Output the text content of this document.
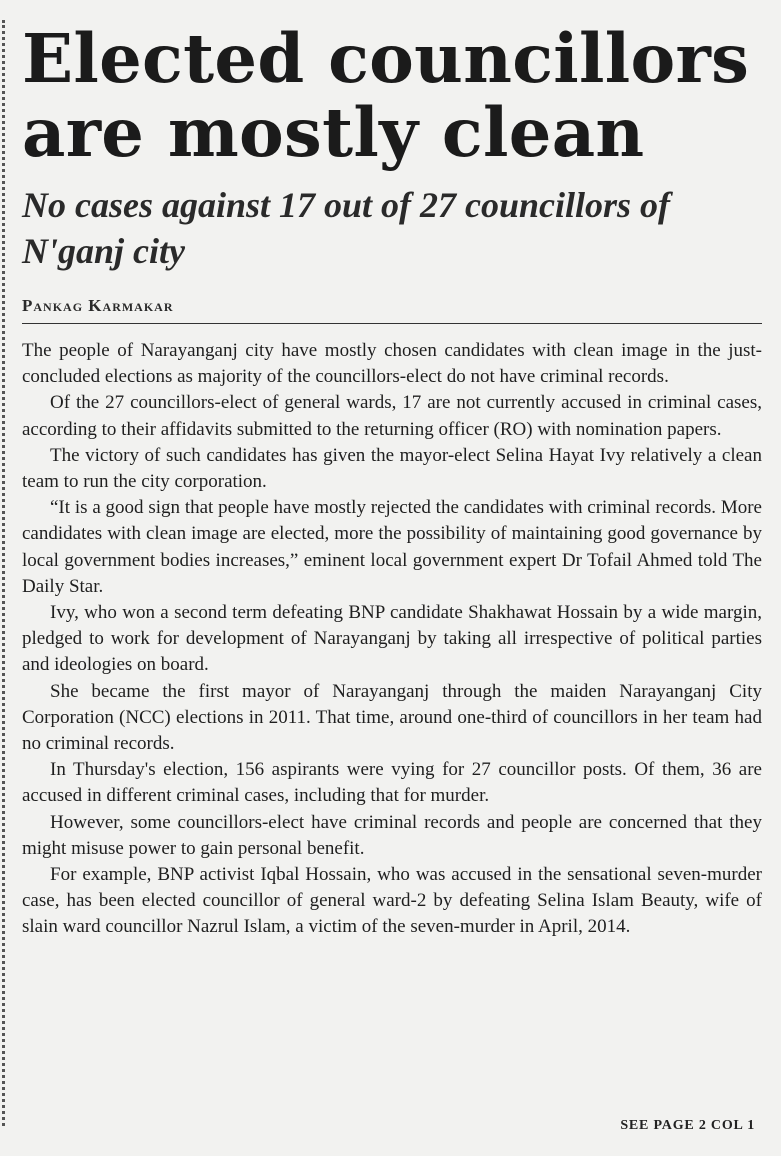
Elected councillors are mostly clean
No cases against 17 out of 27 councillors of N'ganj city
Pankag Karmakar

The people of Narayanganj city have mostly chosen candidates with clean image in the just-concluded elections as majority of the councillors-elect do not have criminal records.

Of the 27 councillors-elect of general wards, 17 are not currently accused in criminal cases, according to their affidavits submitted to the returning officer (RO) with nomination papers.

The victory of such candidates has given the mayor-elect Selina Hayat Ivy relatively a clean team to run the city corporation.

“It is a good sign that people have mostly rejected the candidates with criminal records. More candidates with clean image are elected, more the possibility of maintaining good governance by local government bodies increases,” eminent local government expert Dr Tofail Ahmed told The Daily Star.

Ivy, who won a second term defeating BNP candidate Shakhawat Hossain by a wide margin, pledged to work for development of Narayanganj by taking all irrespective of political parties and ideologies on board.

She became the first mayor of Narayanganj through the maiden Narayanganj City Corporation (NCC) elections in 2011. That time, around one-third of councillors in her team had no criminal records.

In Thursday's election, 156 aspirants were vying for 27 councillor posts. Of them, 36 are accused in different criminal cases, including that for murder.

However, some councillors-elect have criminal records and people are concerned that they might misuse power to gain personal benefit.

For example, BNP activist Iqbal Hossain, who was accused in the sensational seven-murder case, has been elected councillor of general ward-2 by defeating Selina Islam Beauty, wife of slain ward councillor Nazrul Islam, a victim of the seven-murder in April, 2014.

SEE PAGE 2 COL 1
